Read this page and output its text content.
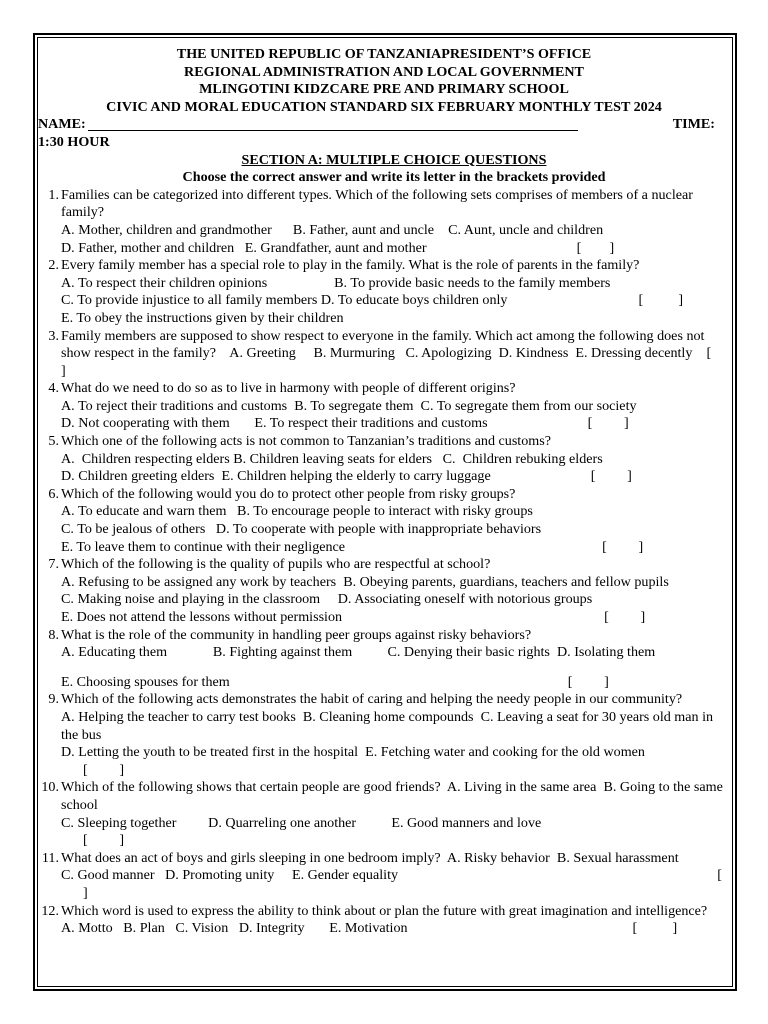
THE UNITED REPUBLIC OF TANZANIAPRESIDENT’S OFFICE
REGIONAL ADMINISTRATION AND LOCAL GOVERNMENT
MLINGOTINI KIDZCARE PRE AND PRIMARY SCHOOL
CIVIC AND MORAL EDUCATION STANDARD SIX FEBRUARY MONTHLY TEST 2024
NAME:	TIME:
1:30 HOUR
SECTION A: MULTIPLE CHOICE QUESTIONS
Choose the correct answer and write its letter in the brackets provided
1 . Families can be categorized into different types. Which of the following sets comprises of members of a nuclear family?
A. Mother, children and grandmother      B. Father, aunt and uncle    C. Aunt, uncle and children
D. Father, mother and children   E. Grandfather, aunt and mother	[        ]
2 . Every family member has a special role to play in the family. What is the role of parents in the family?
A. To respect their children opinions                   B. To provide basic needs to the family members
C. To provide injustice to all family members D. To educate boys children only	[          ]
E. To obey the instructions given by their children
3 . Family members are supposed to show respect to everyone in the family. Which act among the following does not show respect in the family?    A. Greeting     B. Murmuring   C. Apologizing  D. Kindness  E. Dressing decently    [         ]
4 . What do we need to do so as to live in harmony with people of different origins?
A. To reject their traditions and customs  B. To segregate them  C. To segregate them from our society
D. Not cooperating with them       E. To respect their traditions and customs	[         ]
5 . Which one of the following acts is not common to Tanzanian’s traditions and customs?
A.  Children respecting elders B. Children leaving seats for elders   C.  Children rebuking elders
D. Children greeting elders  E. Children helping the elderly to carry luggage	[         ]
6 . Which of the following would you do to protect other people from risky groups?
A. To educate and warn them   B. To encourage people to interact with risky groups
C. To be jealous of others   D. To cooperate with people with inappropriate behaviors
E. To leave them to continue with their negligence	[         ]
7 . Which of the following is the quality of pupils who are respectful at school?
A. Refusing to be assigned any work by teachers  B. Obeying parents, guardians, teachers and fellow pupils
C. Making noise and playing in the classroom     D. Associating oneself with notorious groups
E. Does not attend the lessons without permission	[         ]
8 . What is the role of the community in handling peer groups against risky behaviors?
A. Educating them             B. Fighting against them          C. Denying their basic rights  D. Isolating them
E. Choosing spouses for them	[         ]
9 . Which of the following acts demonstrates the habit of caring and helping the needy people in our community?
A. Helping the teacher to carry test books  B. Cleaning home compounds  C. Leaving a seat for 30 years old man in the bus
D. Letting the youth to be treated first in the hospital  E. Fetching water and cooking for the old women
[         ]
10 . Which of the following shows that certain people are good friends?  A. Living in the same area  B. Going to the same school
C. Sleeping together         D. Quarreling one another          E. Good manners and love
[         ]
11 . What does an act of boys and girls sleeping in one bedroom imply?  A. Risky behavior  B. Sexual harassment
C. Good manner   D. Promoting unity     E. Gender equality	[
]
12 . Which word is used to express the ability to think about or plan the future with great imagination and intelligence?
A. Motto   B. Plan   C. Vision   D. Integrity       E. Motivation	[          ]
